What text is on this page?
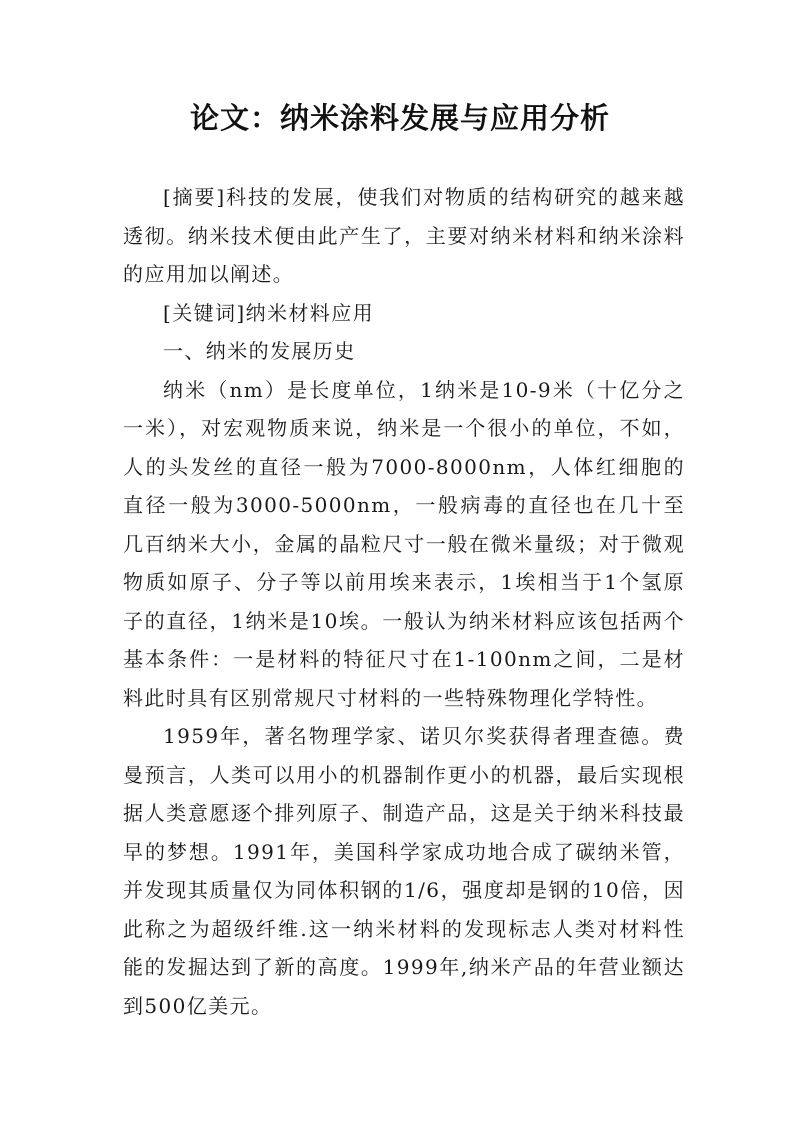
论文：纳米涂料发展与应用分析

[摘要]科技的发展，使我们对物质的结构研究的越来越透彻。纳米技术便由此产生了，主要对纳米材料和纳米涂料的应用加以阐述。

[关键词]纳米材料应用

一、纳米的发展历史

纳米（nm）是长度单位，1纳米是10-9米（十亿分之一米），对宏观物质来说，纳米是一个很小的单位，不如，人的头发丝的直径一般为7000-8000nm，人体红细胞的直径一般为3000-5000nm，一般病毒的直径也在几十至几百纳米大小，金属的晶粒尺寸一般在微米量级；对于微观物质如原子、分子等以前用埃来表示，1埃相当于1个氢原子的直径，1纳米是10埃。一般认为纳米材料应该包括两个基本条件：一是材料的特征尺寸在1-100nm之间，二是材料此时具有区别常规尺寸材料的一些特殊物理化学特性。

1959年，著名物理学家、诺贝尔奖获得者理查德。费曼预言，人类可以用小的机器制作更小的机器，最后实现根据人类意愿逐个排列原子、制造产品，这是关于纳米科技最早的梦想。1991年，美国科学家成功地合成了碳纳米管，并发现其质量仅为同体积钢的1/6，强度却是钢的10倍，因此称之为超级纤维.这一纳米材料的发现标志人类对材料性能的发掘达到了新的高度。1999年,纳米产品的年营业额达到500亿美元。
